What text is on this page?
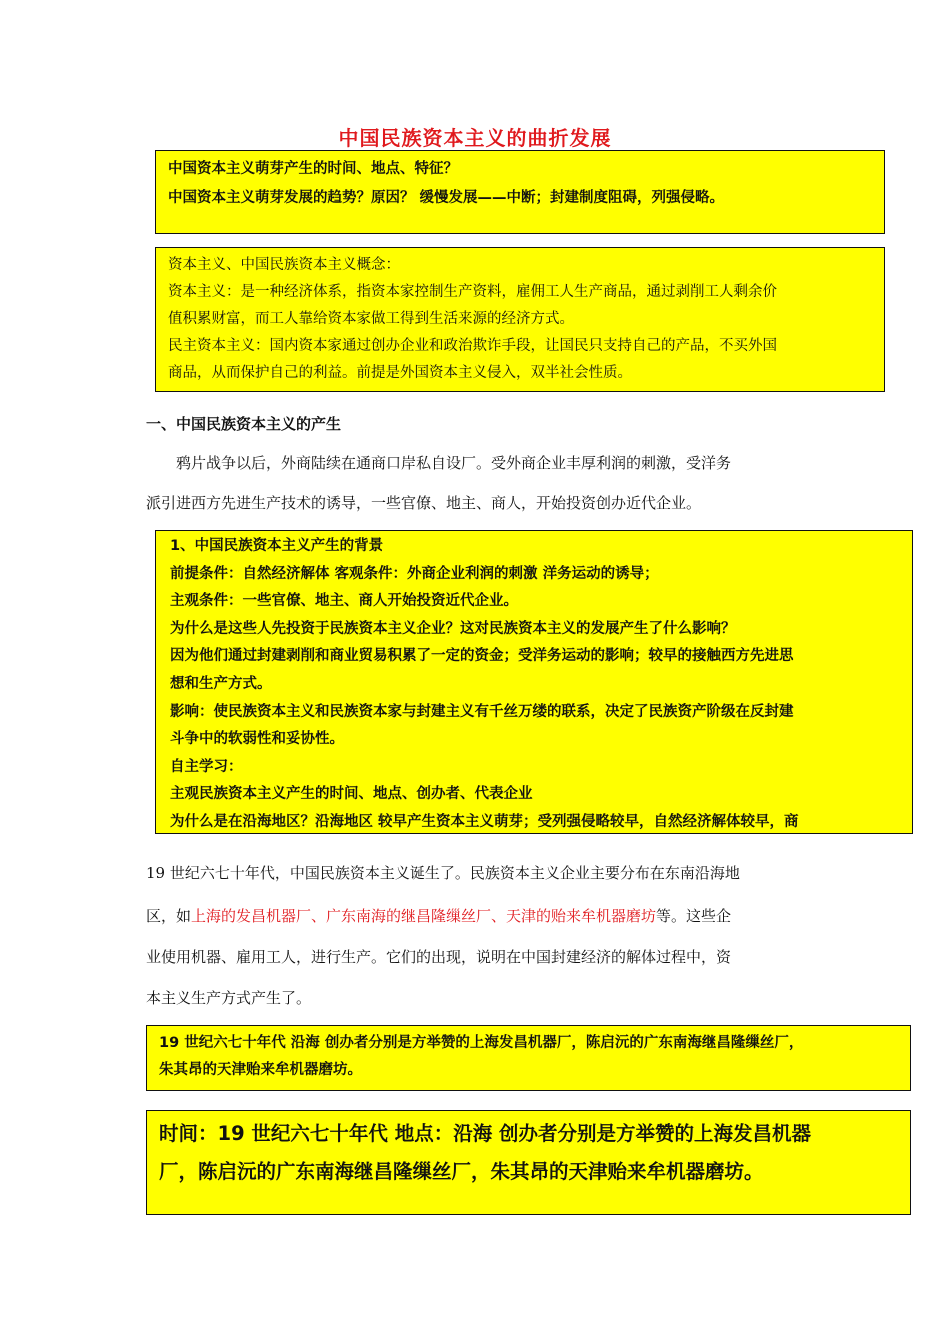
中国民族资本主义的曲折发展
中国资本主义萌芽产生的时间、地点、特征？
中国资本主义萌芽发展的趋势？原因？ 缓慢发展——中断；封建制度阻碍，列强侵略。
资本主义、中国民族资本主义概念：
资本主义：是一种经济体系，指资本家控制生产资料，雇佣工人生产商品，通过剥削工人剩余价
值积累财富，而工人靠给资本家做工得到生活来源的经济方式。
民主资本主义：国内资本家通过创办企业和政治欺诈手段，让国民只支持自己的产品，不买外国
商品，从而保护自己的利益。前提是外国资本主义侵入，双半社会性质。
一、中国民族资本主义的产生
鸦片战争以后，外商陆续在通商口岸私自设厂。受外商企业丰厚利润的刺激，受洋务
派引进西方先进生产技术的诱导，一些官僚、地主、商人，开始投资创办近代企业。
1、中国民族资本主义产生的背景
前提条件：自然经济解体 客观条件：外商企业利润的刺激 洋务运动的诱导；
主观条件：一些官僚、地主、商人开始投资近代企业。
为什么是这些人先投资于民族资本主义企业？这对民族资本主义的发展产生了什么影响？
因为他们通过封建剥削和商业贸易积累了一定的资金；受洋务运动的影响；较早的接触西方先进思
想和生产方式。
影响：使民族资本主义和民族资本家与封建主义有千丝万缕的联系，决定了民族资产阶级在反封建
斗争中的软弱性和妥协性。
自主学习：
主观民族资本主义产生的时间、地点、创办者、代表企业
为什么是在沿海地区？沿海地区 较早产生资本主义萌芽；受列强侵略较早，自然经济解体较早，商
19 世纪六七十年代，中国民族资本主义诞生了。民族资本主义企业主要分布在东南沿海地
区，如上海的发昌机器厂、广东南海的继昌隆缫丝厂、天津的贻来牟机器磨坊等。这些企
业使用机器、雇用工人，进行生产。它们的出现，说明在中国封建经济的解体过程中，资
本主义生产方式产生了。
19 世纪六七十年代 沿海 创办者分别是方举赞的上海发昌机器厂，陈启沅的广东南海继昌隆缫丝厂，
朱其昂的天津贻来牟机器磨坊。
时间：19 世纪六七十年代 地点：沿海 创办者分别是方举赞的上海发昌机器
厂，陈启沅的广东南海继昌隆缫丝厂，朱其昂的天津贻来牟机器磨坊。
